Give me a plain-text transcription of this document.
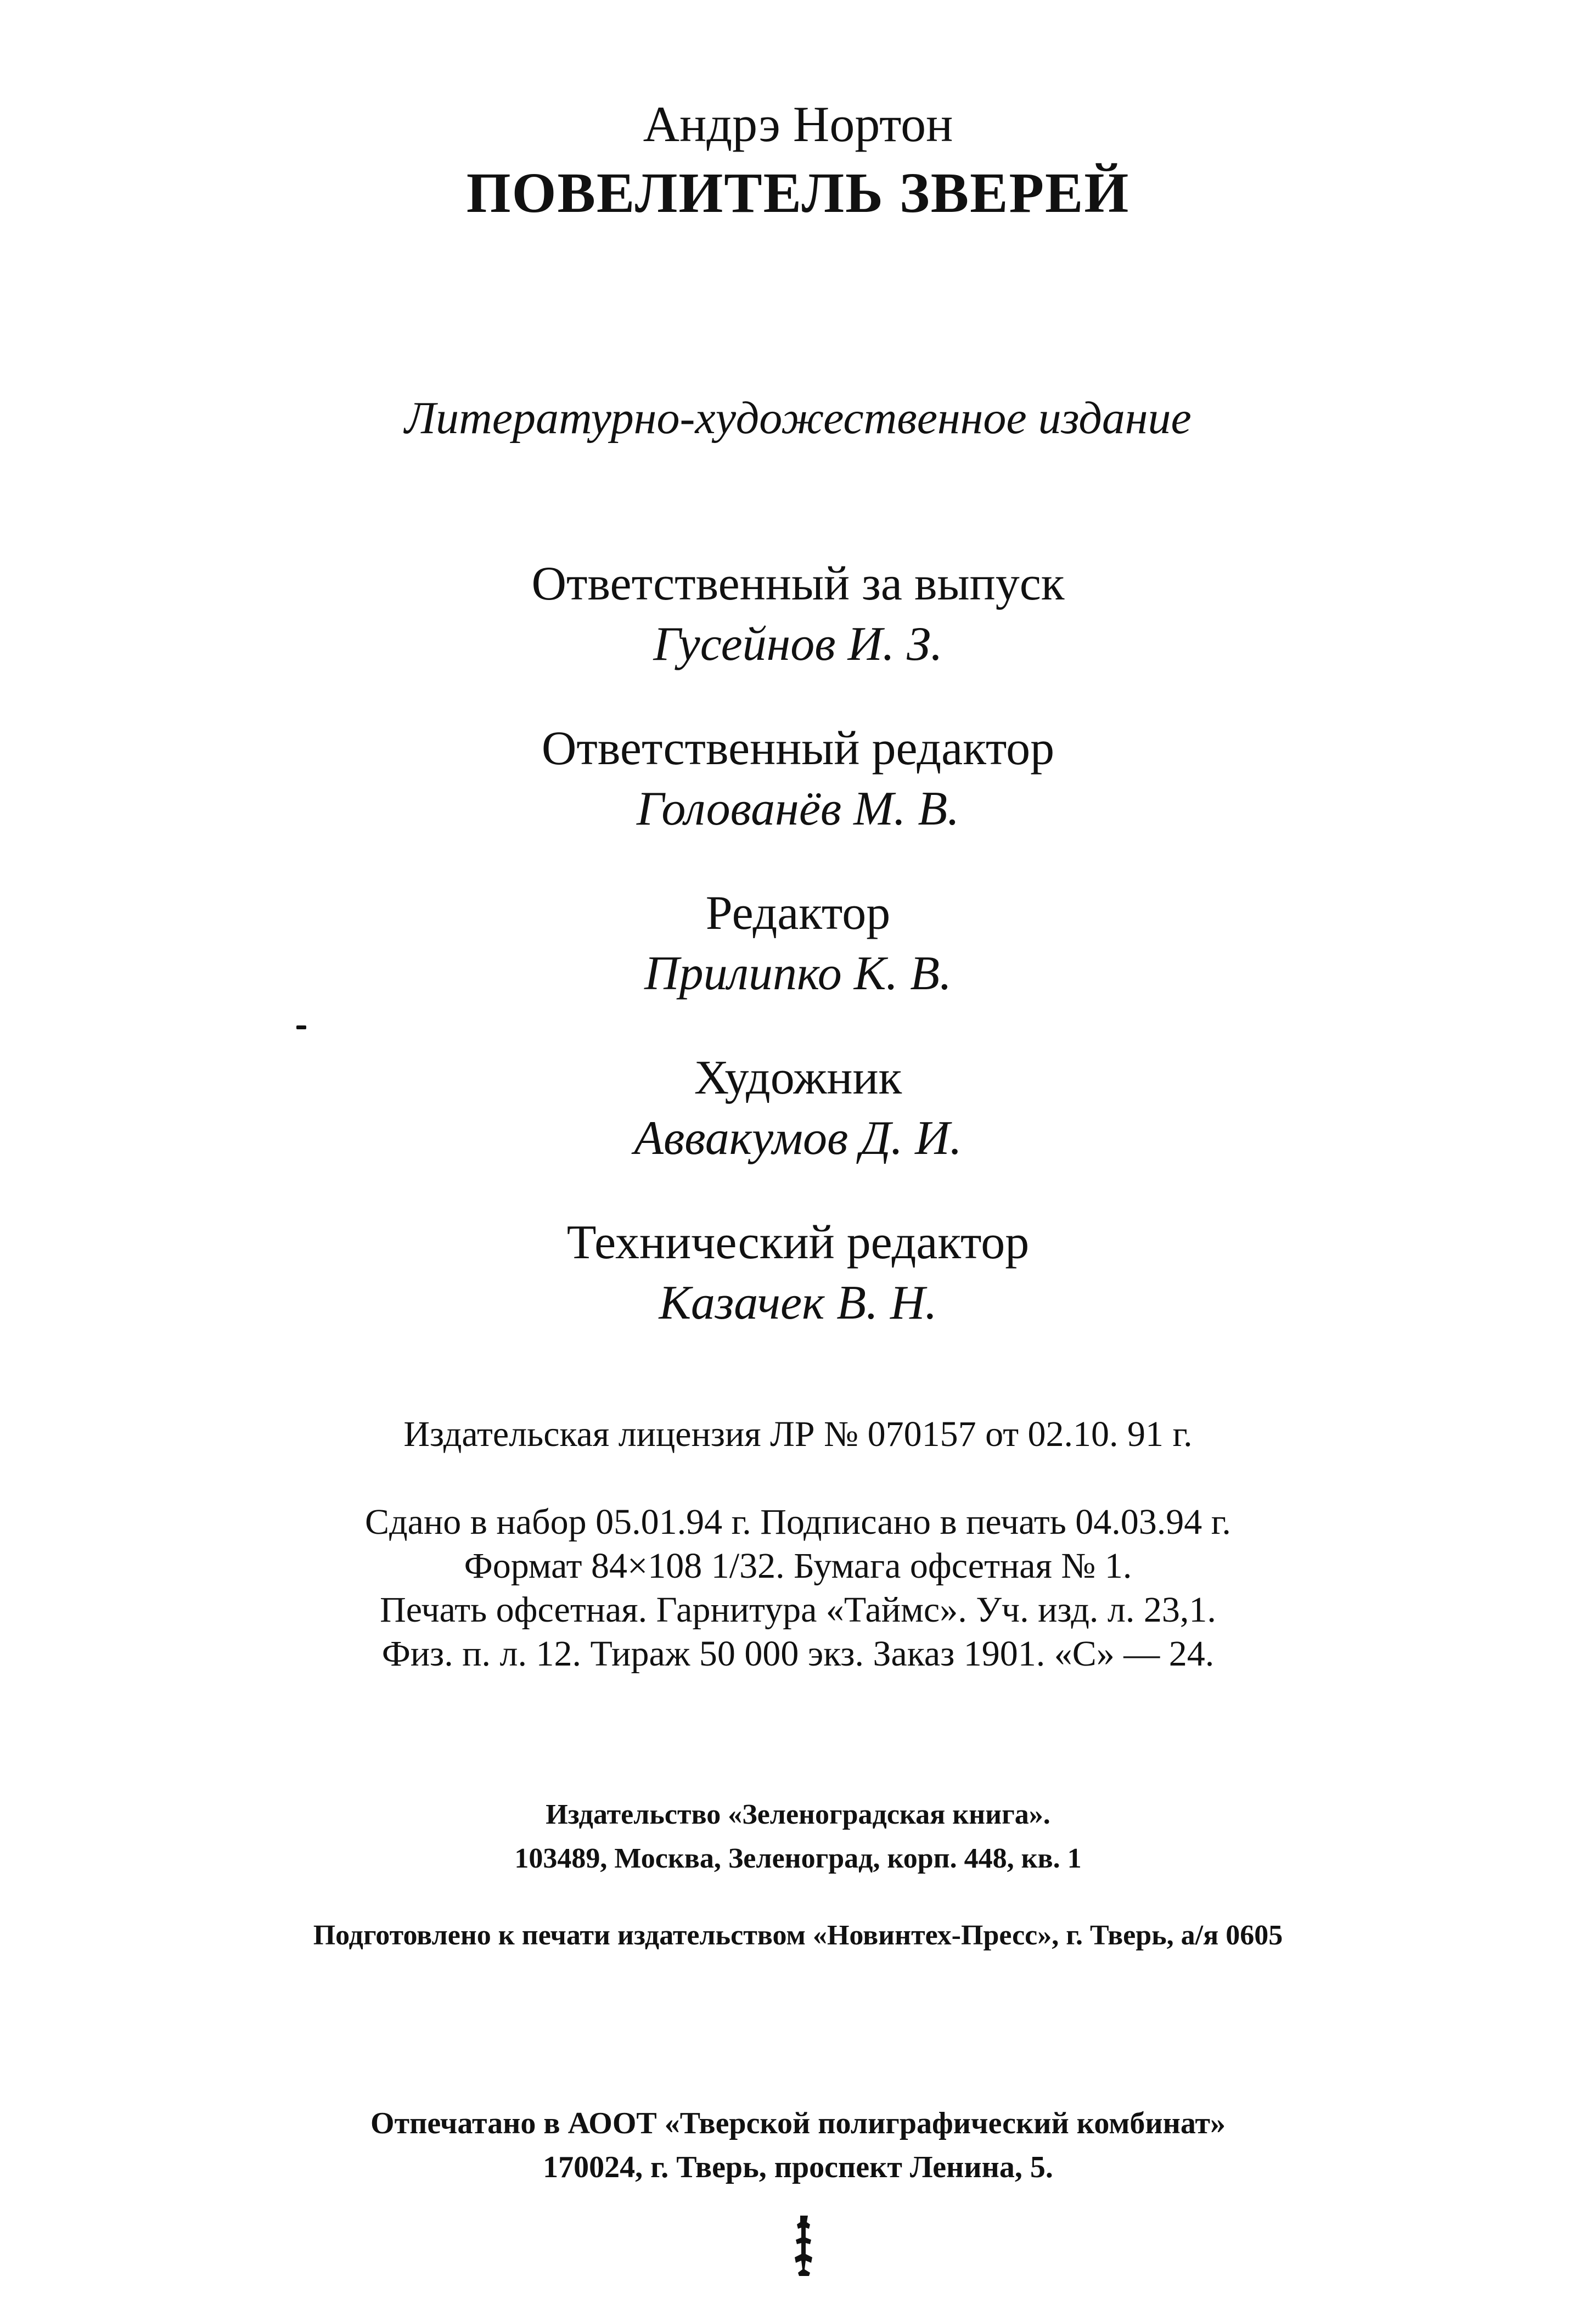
Андрэ Нортон
ПОВЕЛИТЕЛЬ ЗВЕРЕЙ
Литературно-художественное издание
Ответственный за выпуск
Гусейнов И. З.
Ответственный редактор
Голованёв М. В.
Редактор
Прилипко К. В.
Художник
Аввакумов Д. И.
Технический редактор
Казачек В. Н.
Издательская лицензия ЛР № 070157 от 02.10. 91 г.
Сдано в набор 05.01.94 г. Подписано в печать 04.03.94 г.
Формат 84×108 1/32. Бумага офсетная № 1.
Печать офсетная. Гарнитура «Таймс». Уч. изд. л. 23,1.
Физ. п. л. 12. Тираж 50 000 экз. Заказ 1901. «С» — 24.
Издательство «Зеленоградская книга».
103489, Москва, Зеленоград, корп. 448, кв. 1
Подготовлено к печати издательством «Новинтех-Пресс», г. Тверь, а/я 0605
Отпечатано в АООТ «Тверской полиграфический комбинат»
170024, г. Тверь, проспект Ленина, 5.
